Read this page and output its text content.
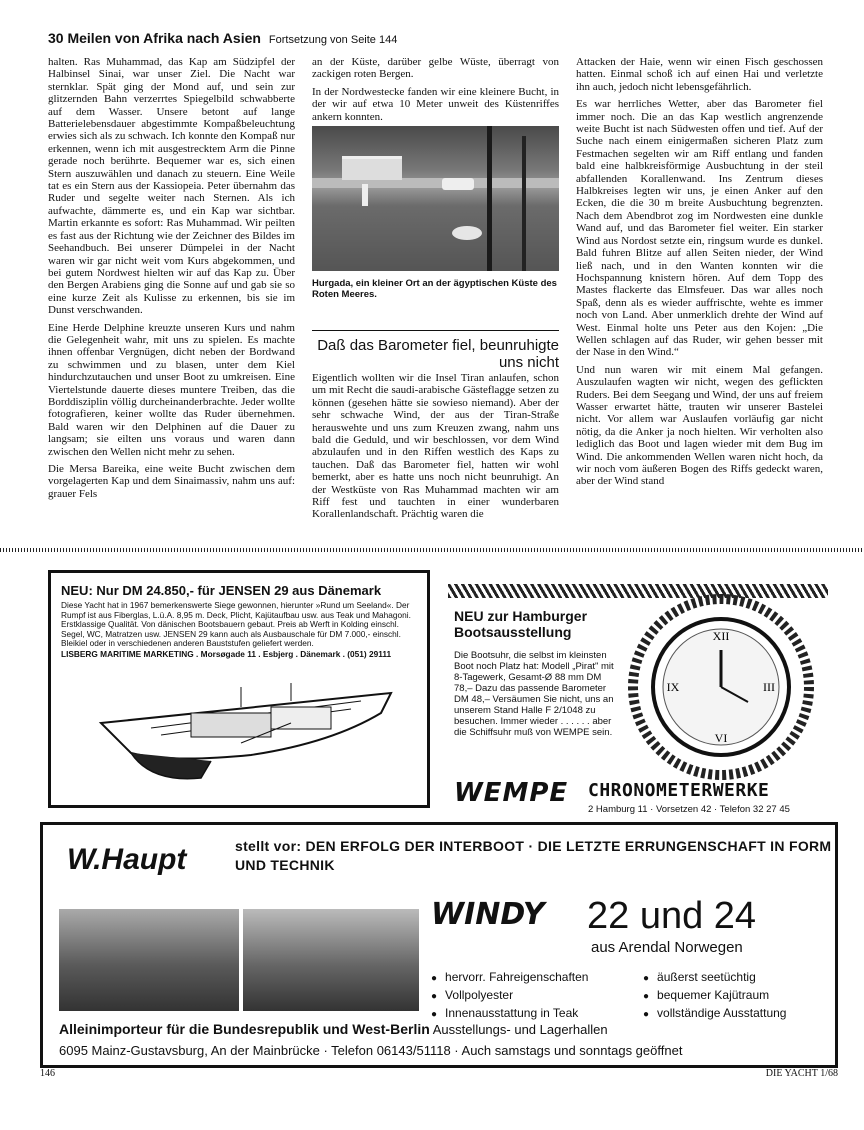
30 Meilen von Afrika nach Asien Fortsetzung von Seite 144

halten. Ras Muhammad, das Kap am Südzipfel der Halbinsel Sinai, war unser Ziel. Die Nacht war sternklar. Spät ging der Mond auf, und sein zur glitzernden Bahn verzerrtes Spiegelbild schwabberte auf dem Wasser. Unsere betont auf lange Batterielebensdauer abgestimmte Kompaßbeleuchtung erwies sich als zu schwach. Ich konnte den Kompaß nur erkennen, wenn ich mit ausgestrecktem Arm die Pinne gerade noch berührte. Bequemer war es, sich einen Stern auszuwählen und danach zu steuern. Eine Weile tat es ein Stern aus der Kassiopeia. Peter übernahm das Ruder und segelte weiter nach Sternen. Als ich aufwachte, dämmerte es, und ein Kap war sichtbar. Martin erkannte es sofort: Ras Muhammad. Wir peilten es fast aus der Richtung wie der Zeichner des Bildes im Seehandbuch. Bei unserer Dümpelei in der Nacht waren wir gar nicht weit vom Kurs abgekommen, und bei gutem Nordwest hielten wir auf das Kap zu. Über den Bergen Arabiens ging die Sonne auf und gab sie so eine kurze Zeit als Kulisse zu erkennen, bis sie im Dunst verschwanden.

Eine Herde Delphine kreuzte unseren Kurs und nahm die Gelegenheit wahr, mit uns zu spielen. Es machte ihnen offenbar Vergnügen, dicht neben der Bordwand zu schwimmen und zu blasen, unter dem Kiel hindurchzutauchen und unser Boot zu umkreisen. Eine Viertelstunde dauerte dieses muntere Treiben, das die Borddisziplin völlig durcheinanderbrachte. Jeder wollte fotografieren, keiner wollte das Ruder übernehmen. Bald waren wir den Delphinen auf die Dauer zu langsam; sie eilten uns voraus und waren dann zwischen den Wellen nicht mehr zu sehen.

Die Mersa Bareika, eine weite Bucht zwischen dem vorgelagerten Kap und dem Sinaimassiv, nahm uns auf: grauer Fels

an der Küste, darüber gelbe Wüste, überragt von zackigen roten Bergen.

In der Nordwestecke fanden wir eine kleinere Bucht, in der wir auf etwa 10 Meter unweit des Küstenriffes ankern konnten.

Hurgada, ein kleiner Ort an der ägyptischen Küste des Roten Meeres.
Daß das Barometer fiel, beunruhigte uns nicht

Eigentlich wollten wir die Insel Tiran anlaufen, schon um mit Recht die saudi-arabische Gästeflagge setzen zu können (gesehen hätte sie sowieso niemand). Aber der sehr schwache Wind, der aus der Tiran-Straße herauswehte und uns zum Kreuzen zwang, nahm uns bald die Geduld, und wir beschlossen, vor dem Wind abzulaufen und in den Riffen westlich des Kaps zu tauchen. Daß das Barometer fiel, hatten wir wohl bemerkt, aber es hatte uns noch nicht beunruhigt. An der Westküste von Ras Muhammad machten wir am Riff fest und tauchten in einer wunderbaren Korallenlandschaft. Prächtig waren die

Attacken der Haie, wenn wir einen Fisch geschossen hatten. Einmal schoß ich auf einen Hai und verletzte ihn auch, jedoch nicht lebensgefährlich.

Es war herrliches Wetter, aber das Barometer fiel immer noch. Die an das Kap westlich angrenzende weite Bucht ist nach Südwesten offen und tief. Auf der Suche nach einem einigermaßen sicheren Platz zum Festmachen segelten wir am Riff entlang und fanden bald eine halbkreisförmige Ausbuchtung in der steil abfallenden Korallenwand. Ins Zentrum dieses Halbkreises legten wir uns, je einen Anker auf den Ecken, die die 30 m breite Ausbuchtung begrenzten. Nach dem Abendbrot zog im Nordwesten eine dunkle Wand auf, und das Barometer fiel weiter. Ein starker Wind aus Nordost setzte ein, ringsum wurde es dunkel. Bald fuhren Blitze auf allen Seiten nieder, der Wind ließ nach, und in den Wanten konnten wir die Hochspannung knistern hören. Auf dem Topp des Mastes flackerte das Elmsfeuer. Das war alles noch Spaß, denn als es wieder auffrischte, wehte es immer noch von Land. Aber unmerklich drehte der Wind auf West. Einmal holte uns Peter aus den Kojen: „Die Wellen schlagen auf das Ruder, wir gehen besser mit der Nase in den Wind.“

Und nun waren wir mit einem Mal gefangen. Auszulaufen wagten wir nicht, wegen des geflickten Ruders. Bei dem Seegang und Wind, der uns auf freiem Wasser erwartet hätte, trauten wir unserer Bastelei nicht. Vor allem war Auslaufen vorläufig gar nicht nötig, da die Anker ja noch hielten. Wir verholten also lediglich das Boot und lagen wieder mit dem Bug im Wind. Die ankommenden Wellen waren nicht hoch, da wir noch vom äußeren Bogen des Riffs gedeckt waren, aber der Wind stand

NEU: Nur DM 24.850,- für JENSEN 29 aus Dänemark
Diese Yacht hat in 1967 bemerkenswerte Siege gewonnen, hierunter »Rund um Seeland«. Der Rumpf ist aus Fiberglas, L.ü.A. 8,95 m. Deck, Plicht, Kajütaufbau usw. aus Teak und Mahagoni. Erstklassige Qualität. Von dänischen Bootsbauern gebaut. Preis ab Werft in Kolding einschl. Segel, WC, Matratzen usw. JENSEN 29 kann auch als Ausbauschale für DM 7.000,- einschl. Bleikiel oder in verschiedenen anderen Bauststufen geliefert werden.
LISBERG MARITIME MARKETING . Morsøgade 11 . Esbjerg . Dänemark . (051) 29111
NEU zur Hamburger Bootsausstellung
Die Bootsuhr, die selbst im kleinsten Boot noch Platz hat: Modell „Pirat" mit 8-Tagewerk, Gesamt-Ø 88 mm DM 78,– Dazu das passende Barometer DM 48,– Versäumen Sie nicht, uns an unserem Stand Halle F 2/1048 zu besuchen. Immer wieder . . . . . . aber die Schiffsuhr muß von WEMPE sein.
XII
III
VI
IX
WEMPE CHRONOMETERWERKE
2 Hamburg 11 · Vorsetzen 42 · Telefon 32 27 45
W.Haupt	stellt vor: DEN ERFOLG DER INTERBOOT · DIE LETZTE ERRUNGENSCHAFT IN FORM UND TECHNIK
WINDY 22 und 24
aus Arendal Norwegen
● hervorr. Fahreigenschaften
● Vollpolyester
● Innenausstattung in Teak
● äußerst seetüchtig
● bequemer Kajütraum
● vollständige Ausstattung
Alleinimporteur für die Bundesrepublik und West-Berlin Ausstellungs- und Lagerhallen
6095 Mainz-Gustavsburg, An der Mainbrücke · Telefon 06143/51118 · Auch samstags und sonntags geöffnet
146	DIE YACHT 1/68
